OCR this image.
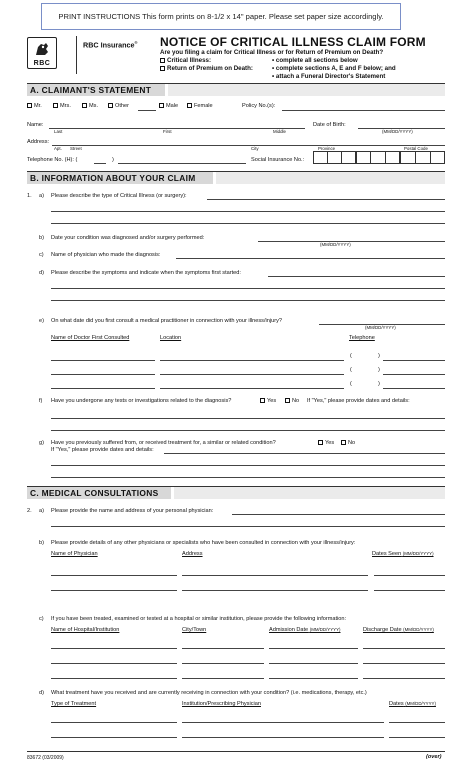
PRINT INSTRUCTIONS This form prints on 8-1/2 x 14" paper. Please set paper size accordingly.
RBC
RBC Insurance® NOTICE OF CRITICAL ILLNESS CLAIM FORM
Are you filing a claim for Critical Illness or for Return of Premium on Death?
Critical Illness:	• complete all sections below
Return of Premium on Death:	• complete sections A, E and F below; and
• attach a Funeral Director's Statement
A. CLAIMANT'S STATEMENT
Mr.	Mrs.	Ms.	Other	Male	Female	Policy No.(s):
Name:
Last	First	Middle
Date of Birth:
(MM/DD/YYYY)
Address:
Apt. Street	City	Province	Postal Code
Telephone No. (H): (	)	Social Insurance No.:
B. INFORMATION ABOUT YOUR CLAIM
1. a) Please describe the type of Critical Illness (or surgery):
b) Date your condition was diagnosed and/or surgery performed:
(MM/DD/YYYY)
c) Name of physician who made the diagnosis:
d) Please describe the symptoms and indicate when the symptoms first started:
e) On what date did you first consult a medical practitioner in connection with your illness/injury?
(MM/DD/YYYY)
Name of Doctor First Consulted	Location	Telephone
(	)
(	)
(	)
f) Have you undergone any tests or investigations related to the diagnosis?	Yes	No If "Yes," please provide dates and details:
g) Have you previously suffered from, or received treatment for, a similar or related condition?	Yes	No
If "Yes," please provide dates and details:
C. MEDICAL CONSULTATIONS
2. a) Please provide the name and address of your personal physician:
b) Please provide details of any other physicians or specialists who have been consulted in connection with your illness/injury:
Name of Physician	Address	Dates Seen (MM/DD/YYYY)
c) If you have been treated, examined or tested at a hospital or similar institution, please provide the following information:
Name of Hospital/Institution	City/Town	Admission Date (MM/DD/YYYY)	Discharge Date (MM/DD/YYYY)
d) What treatment have you received and are currently receiving in connection with your condition? (i.e. medications, therapy, etc.)
Type of Treatment	Institution/Prescribing Physician	Dates (MM/DD/YYYY)
83672 (03/2009)	(over)
